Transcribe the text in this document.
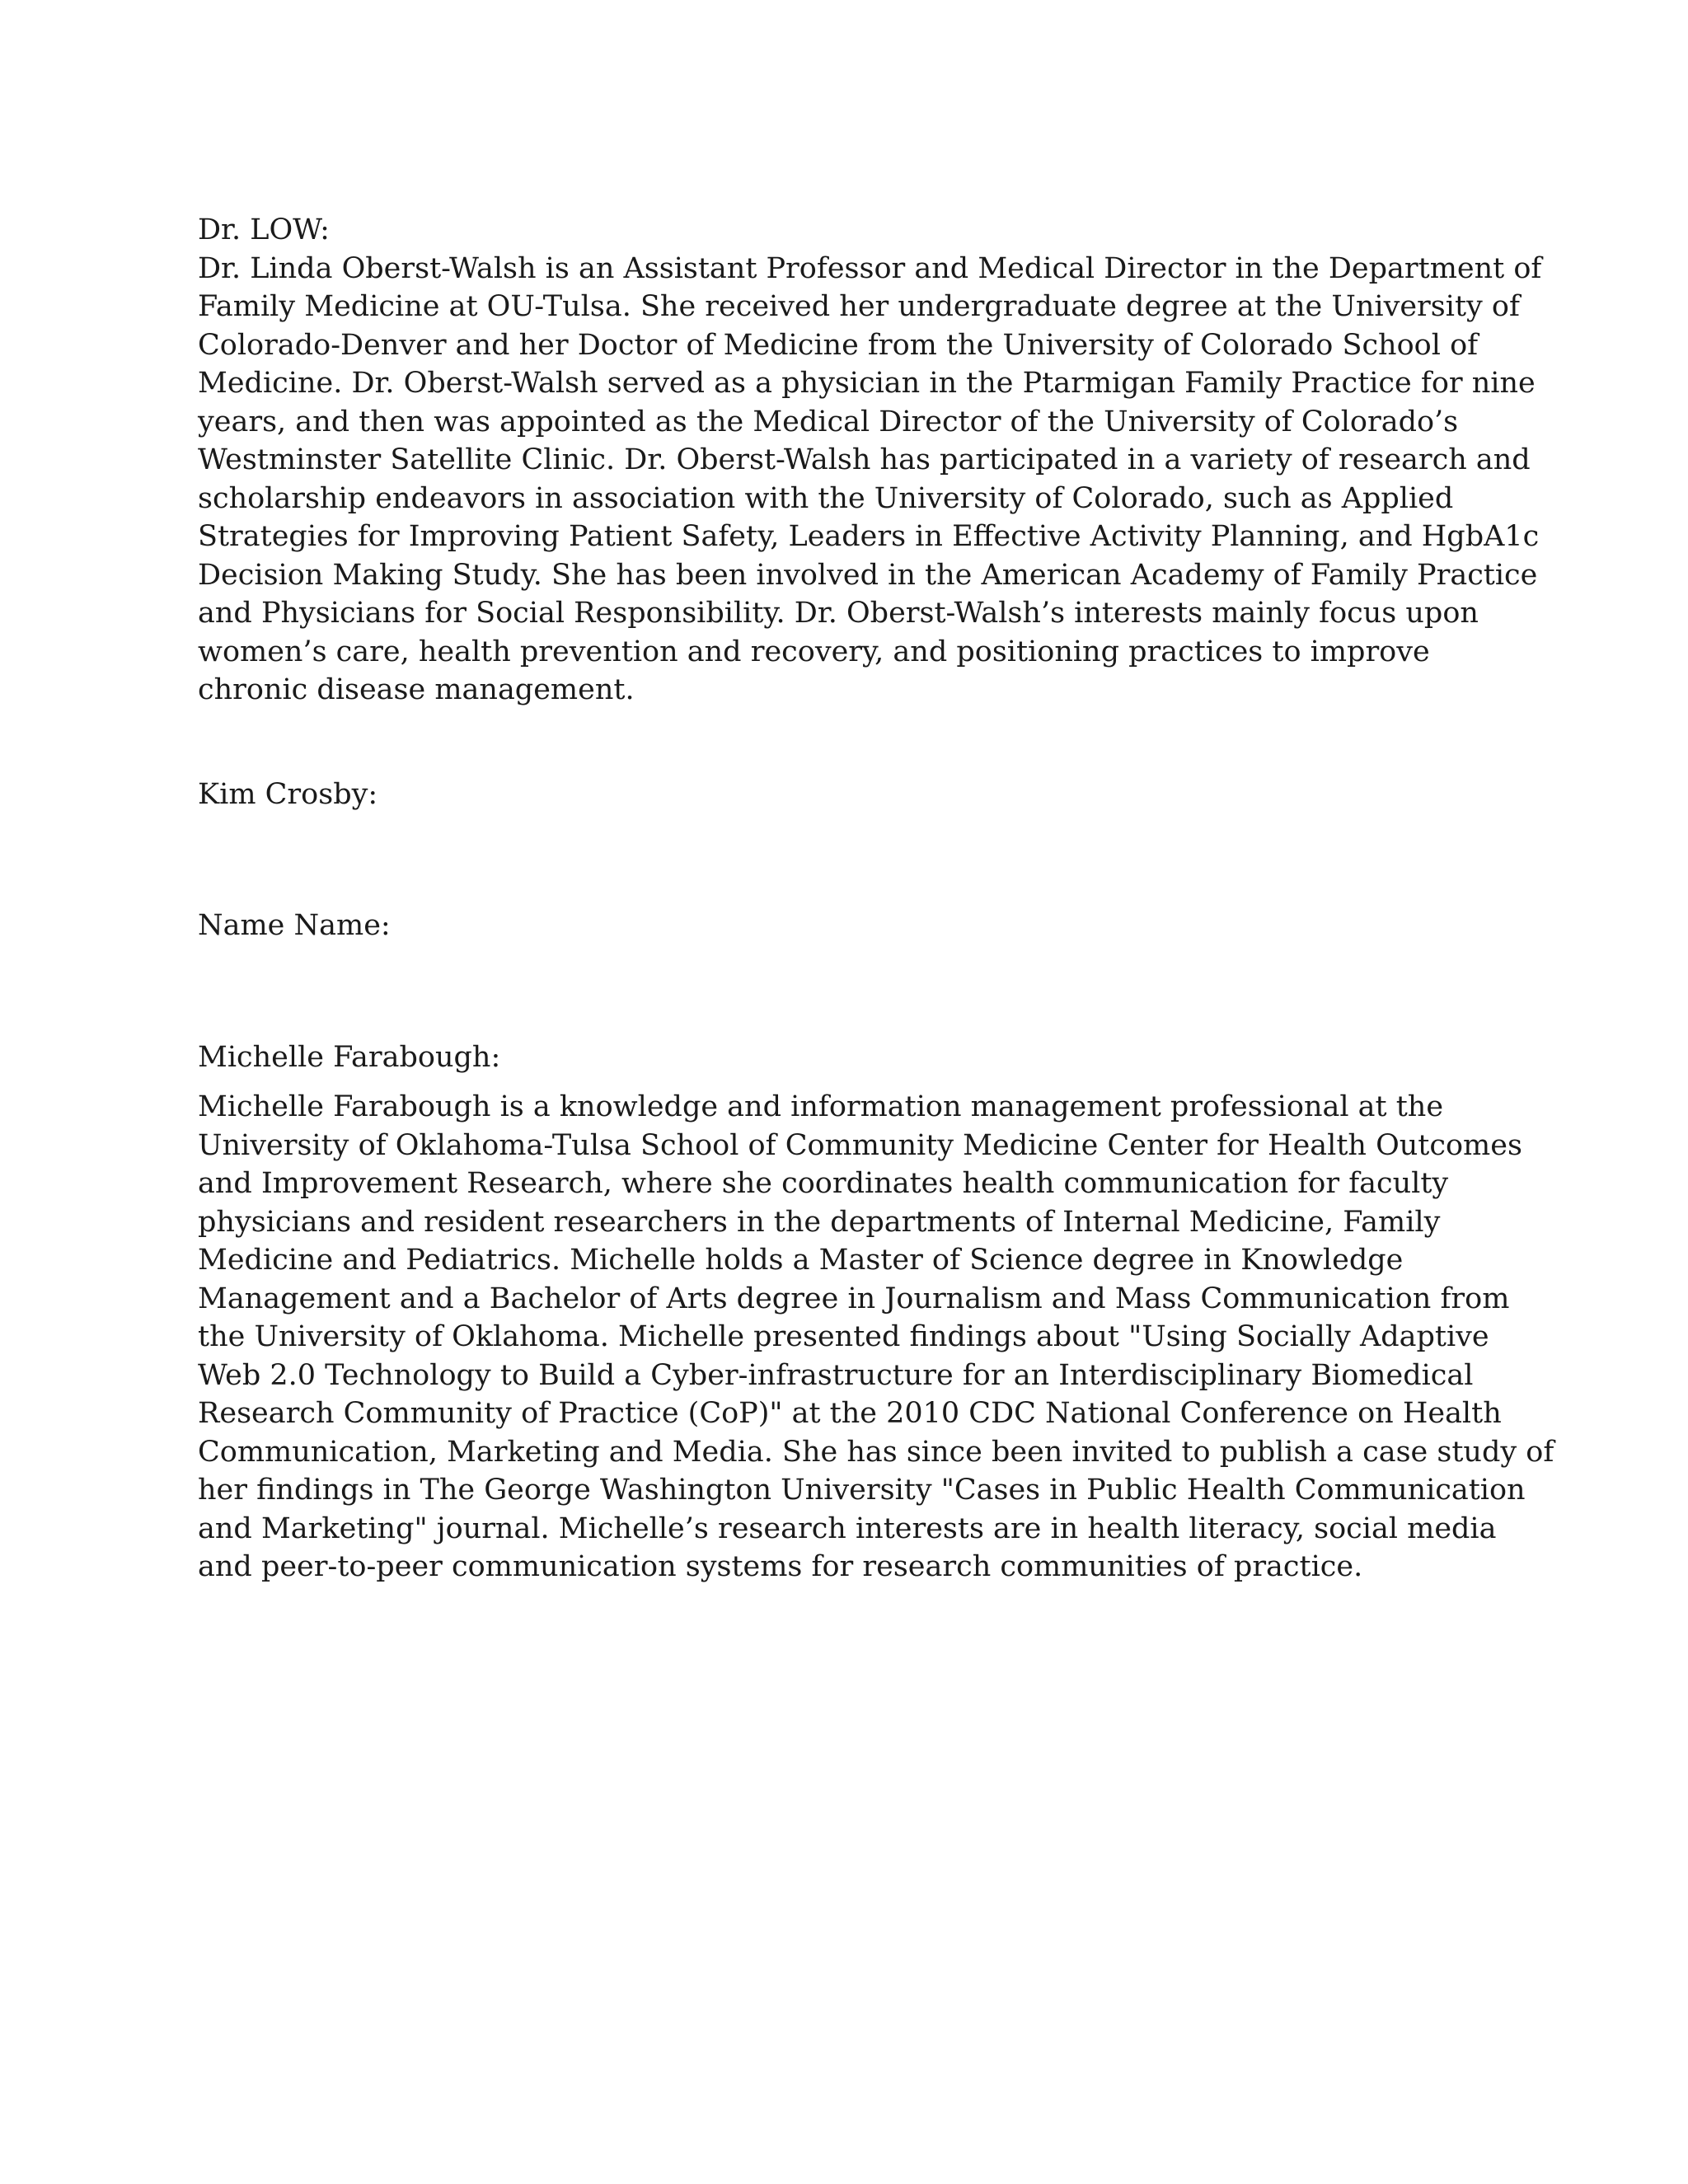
Dr. LOW:
Dr. Linda Oberst-Walsh is an Assistant Professor and Medical Director in the Department of
Family Medicine at OU-Tulsa. She received her undergraduate degree at the University of
Colorado-Denver and her Doctor of Medicine from the University of Colorado School of
Medicine. Dr. Oberst-Walsh served as a physician in the Ptarmigan Family Practice for nine
years, and then was appointed as the Medical Director of the University of Colorado’s
Westminster Satellite Clinic. Dr. Oberst-Walsh has participated in a variety of research and
scholarship endeavors in association with the University of Colorado, such as Applied
Strategies for Improving Patient Safety, Leaders in Effective Activity Planning, and HgbA1c
Decision Making Study. She has been involved in the American Academy of Family Practice
and Physicians for Social Responsibility. Dr. Oberst-Walsh’s interests mainly focus upon
women’s care, health prevention and recovery, and positioning practices to improve
chronic disease management.
Kim Crosby:
Name Name:
Michelle Farabough:
Michelle Farabough is a knowledge and information management professional at the
University of Oklahoma-Tulsa School of Community Medicine Center for Health Outcomes
and Improvement Research, where she coordinates health communication for faculty
physicians and resident researchers in the departments of Internal Medicine, Family
Medicine and Pediatrics. Michelle holds a Master of Science degree in Knowledge
Management and a Bachelor of Arts degree in Journalism and Mass Communication from
the University of Oklahoma. Michelle presented findings about "Using Socially Adaptive
Web 2.0 Technology to Build a Cyber-infrastructure for an Interdisciplinary Biomedical
Research Community of Practice (CoP)" at the 2010 CDC National Conference on Health
Communication, Marketing and Media. She has since been invited to publish a case study of
her findings in The George Washington University "Cases in Public Health Communication
and Marketing" journal. Michelle’s research interests are in health literacy, social media
and peer-to-peer communication systems for research communities of practice.
